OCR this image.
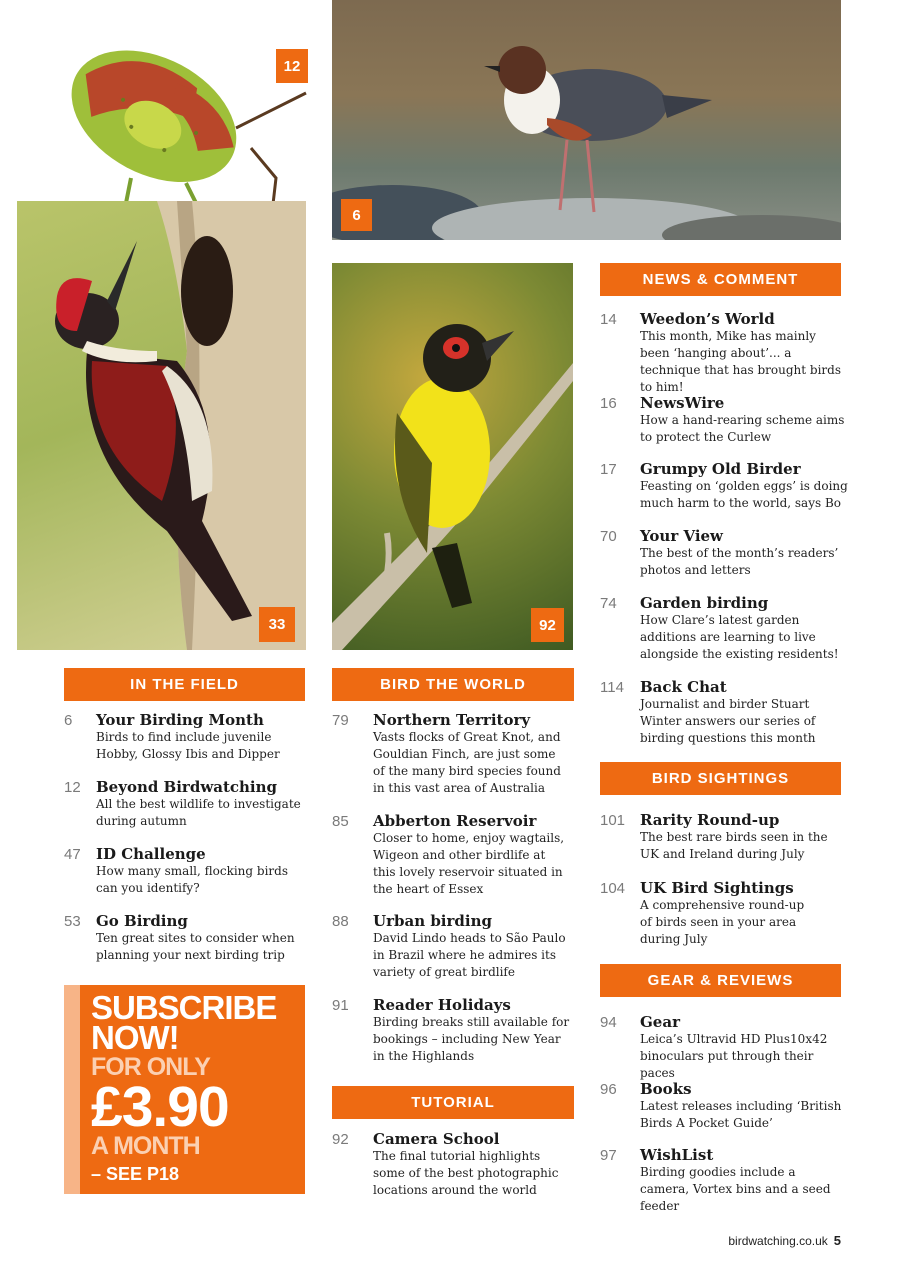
12
6
33	92
IN THE FIELD	BIRD THE WORLD
TUTORIAL
NEWS & COMMENT
BIRD SIGHTINGS
GEAR & REVIEWS
6 Your Birding Month
Birds to find include juvenile Hobby, Glossy Ibis and Dipper
12 Beyond Birdwatching
All the best wildlife to investigate during autumn
47 ID Challenge
How many small, flocking birds can you identify?
53 Go Birding
Ten great sites to consider when planning your next birding trip
SUBSCRIBE
NOW!
FOR ONLY
£3.90
A MONTH
– SEE P18
79 Northern Territory
Vasts flocks of Great Knot, and Gouldian Finch, are just some of the many bird species found in this vast area of Australia
85 Abberton Reservoir
Closer to home, enjoy wagtails, Wigeon and other birdlife at this lovely reservoir situated in the heart of Essex
88 Urban birding
David Lindo heads to São Paulo in Brazil where he admires its variety of great birdlife
91 Reader Holidays
Birding breaks still available for bookings – including New Year in the Highlands
92 Camera School
The final tutorial highlights some of the best photographic locations around the world
14 Weedon’s World
This month, Mike has mainly been ‘hanging about’... a technique that has brought birds to him!
16 NewsWire
How a hand-rearing scheme aims to protect the Curlew
17 Grumpy Old Birder
Feasting on ‘golden eggs’ is doing much harm to the world, says Bo
70 Your View
The best of the month’s readers’ photos and letters
74 Garden birding
How Clare’s latest garden additions are learning to live alongside the existing residents!
114 Back Chat
Journalist and birder Stuart Winter answers our series of birding questions this month
101 Rarity Round-up
The best rare birds seen in the UK and Ireland during July
104 UK Bird Sightings
A comprehensive round-up of birds seen in your area during July
94 Gear
Leica’s Ultravid HD Plus10x42 binoculars put through their paces
96 Books
Latest releases including ‘British Birds A Pocket Guide’
97 WishList
Birding goodies include a camera, Vortex bins and a seed feeder
birdwatching.co.uk 5
